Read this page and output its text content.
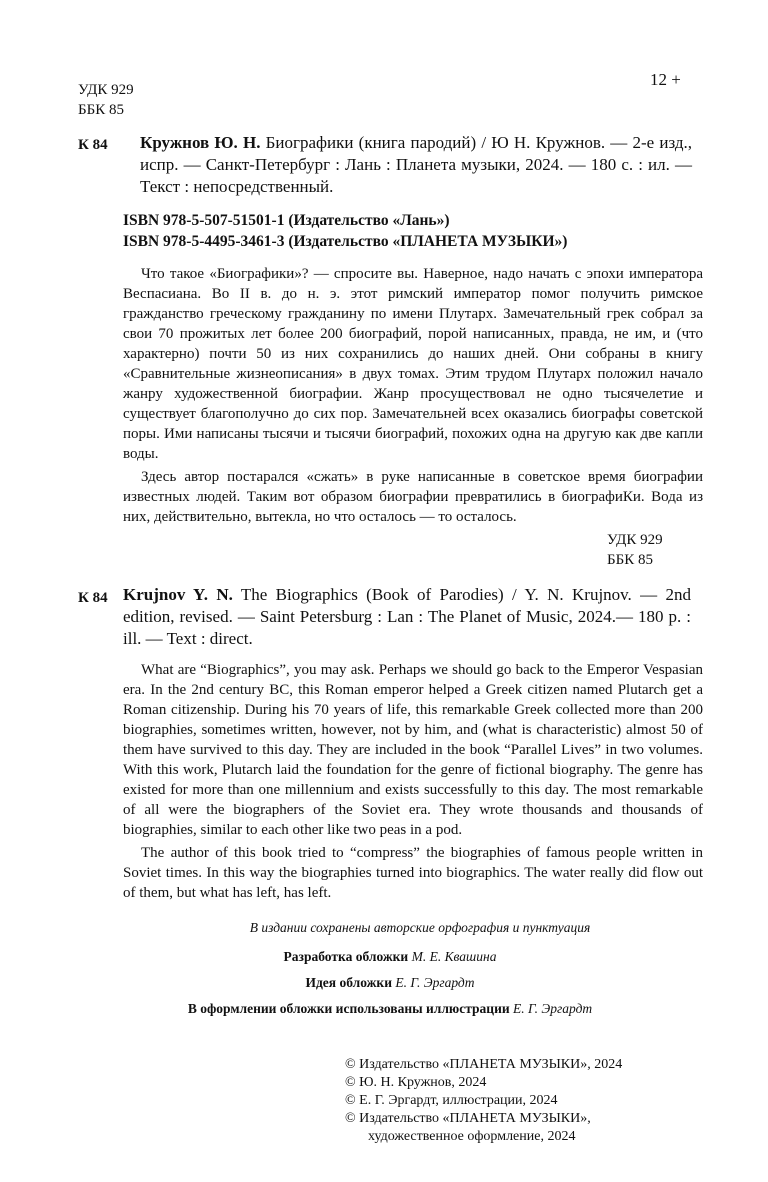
УДК 929
ББК 85
12 +
К 84 Кружнов Ю. Н. Биографики (книга пародий) / Ю Н. Кружнов. — 2-е изд., испр. — Санкт-Петербург : Лань : Планета музыки, 2024. — 180 с. : ил. — Текст : непосредственный.
ISBN 978-5-507-51501-1 (Издательство «Лань»)
ISBN 978-5-4495-3461-3 (Издательство «ПЛАНЕТА МУЗЫКИ»)

Что такое «Биографики»? — спросите вы. Наверное, надо начать с эпохи императора Веспасиана. Во II в. до н. э. этот римский император помог получить римское гражданство греческому гражданину по имени Плутарх. Замечательный грек собрал за свои 70 прожитых лет более 200 биографий, порой написанных, правда, не им, и (что характерно) почти 50 из них сохранились до наших дней. Они собраны в книгу «Сравнительные жизнеописания» в двух томах. Этим трудом Плутарх положил начало жанру художественной биографии. Жанр просуществовал не одно тысячелетие и существует благополучно до сих пор. Замечательней всех оказались биографы советской поры. Ими написаны тысячи и тысячи биографий, похожих одна на другую как две капли воды.

Здесь автор постарался «сжать» в руке написанные в советское время биографии известных людей. Таким вот образом биографии превратились в биографиКи. Вода из них, действительно, вытекла, но что осталось — то осталось.

УДК 929
ББК 85
К 84 Krujnov Y. N. The Biographics (Book of Parodies) / Y. N. Krujnov. — 2nd edition, revised. — Saint Petersburg : Lan : The Planet of Music, 2024.— 180 p. : ill. — Text : direct.

What are “Biographics”, you may ask. Perhaps we should go back to the Emperor Vespasian era. In the 2nd century BC, this Roman emperor helped a Greek citizen named Plutarch get a Roman citizenship. During his 70 years of life, this remarkable Greek collected more than 200 biographies, sometimes written, however, not by him, and (what is characteristic) almost 50 of them have survived to this day. They are included in the book “Parallel Lives” in two volumes. With this work, Plutarch laid the foundation for the genre of fictional biography. The genre has existed for more than one millennium and exists successfully to this day. The most remarkable of all were the biographers of the Soviet era. They wrote thousands and thousands of biographies, similar to each other like two peas in a pod.

The author of this book tried to “compress” the biographies of famous people written in Soviet times. In this way the biographies turned into biographics. The water really did flow out of them, but what has left, has left.

В издании сохранены авторские орфография и пунктуация
Разработка обложки М. Е. Квашина
Идея обложки Е. Г. Эргардт
В оформлении обложки использованы иллюстрации Е. Г. Эргардт
© Издательство «ПЛАНЕТА МУЗЫКИ», 2024
© Ю. Н. Кружнов, 2024
© Е. Г. Эргардт, иллюстрации, 2024
© Издательство «ПЛАНЕТА МУЗЫКИ»,
художественное оформление, 2024
